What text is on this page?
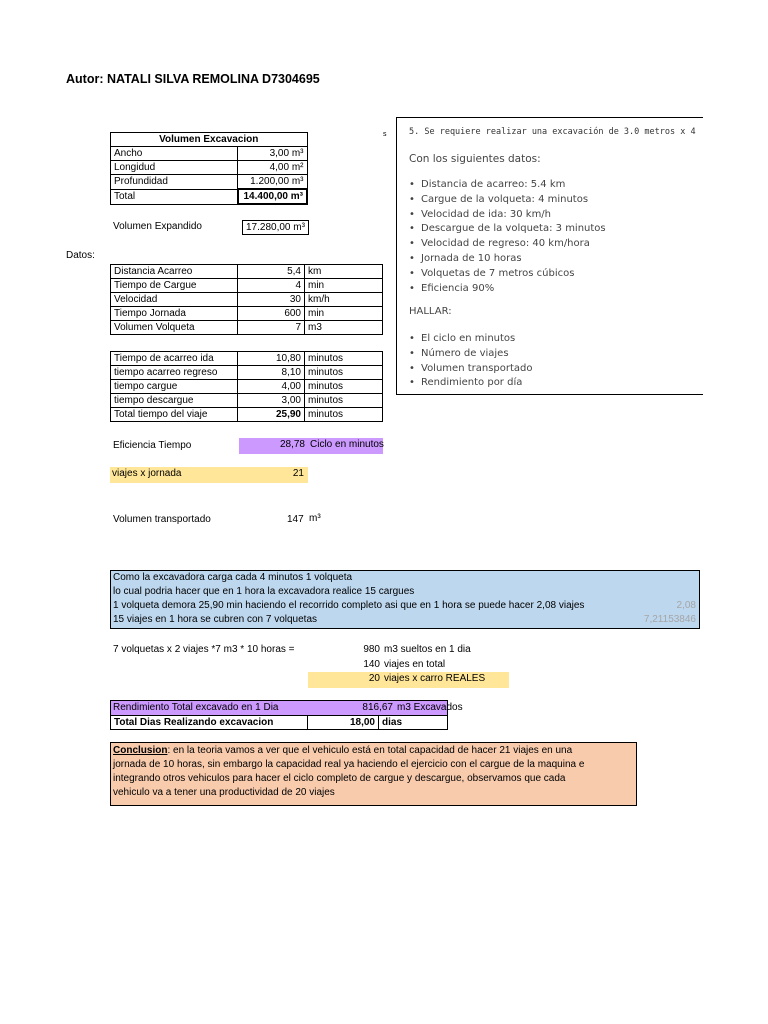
Autor: NATALI SILVA REMOLINA D7304695
Volumen Excavacion	
Ancho	3,00 m³
Longidud	4,00 m²
Profundidad	1.200,00 m³
Total	14.400,00 m³
Volumen Expandido	17.280,00 m³
Datos:
Distancia Acarreo	5,4	km
Tiempo de Cargue	4	min
Velocidad	30	km/h
Tiempo Jornada	600	min
Volumen Volqueta	7	m3
Tiempo de acarreo ida	10,80	minutos
tiempo acarreo regreso	8,10	minutos
tiempo cargue	4,00	minutos
tiempo descargue	3,00	minutos
Total tiempo del viaje	25,90	minutos
Eficiencia Tiempo	28,78 Ciclo en minutos
viajes x jornada	21
Volumen transportado	147 m³
s	5. Se requiere realizar una excavación de 3.0 metros x 4
Con los siguientes datos:
• Distancia de acarreo: 5.4 km
• Cargue de la volqueta: 4 minutos
• Velocidad de ida: 30 km/h
• Descargue de la volqueta: 3 minutos
• Velocidad de regreso: 40 km/hora
• Jornada de 10 horas
• Volquetas de 7 metros cúbicos
• Eficiencia 90%
HALLAR:
• El ciclo en minutos
• Número de viajes
• Volumen transportado
• Rendimiento por día
Como la excavadora carga cada 4 minutos 1 volqueta
lo cual podria hacer que en 1 hora la excavadora realice 15 cargues
1 volqueta demora 25,90 min haciendo el recorrido completo asi que en 1 hora se puede hacer 2,08 viajes	2,08
15 viajes en 1 hora se cubren con 7 volquetas	7,21153846
7 volquetas x 2 viajes *7 m3 * 10 horas =	980 m3 sueltos en 1 dia
140 viajes en total
20 viajes x carro REALES
Rendimiento Total excavado en 1 Dia	816,67 m3 Excavados
Total Dias Realizando excavacion	18,00	dias
Conclusion: en la teoria vamos a ver que el vehiculo está en total capacidad de hacer 21 viajes en una
jornada de 10 horas, sin embargo la capacidad real ya haciendo el ejercicio con el cargue de la maquina e
integrando otros vehiculos para hacer el ciclo completo de cargue y descargue, observamos que cada
vehiculo va a tener una productividad de 20 viajes
